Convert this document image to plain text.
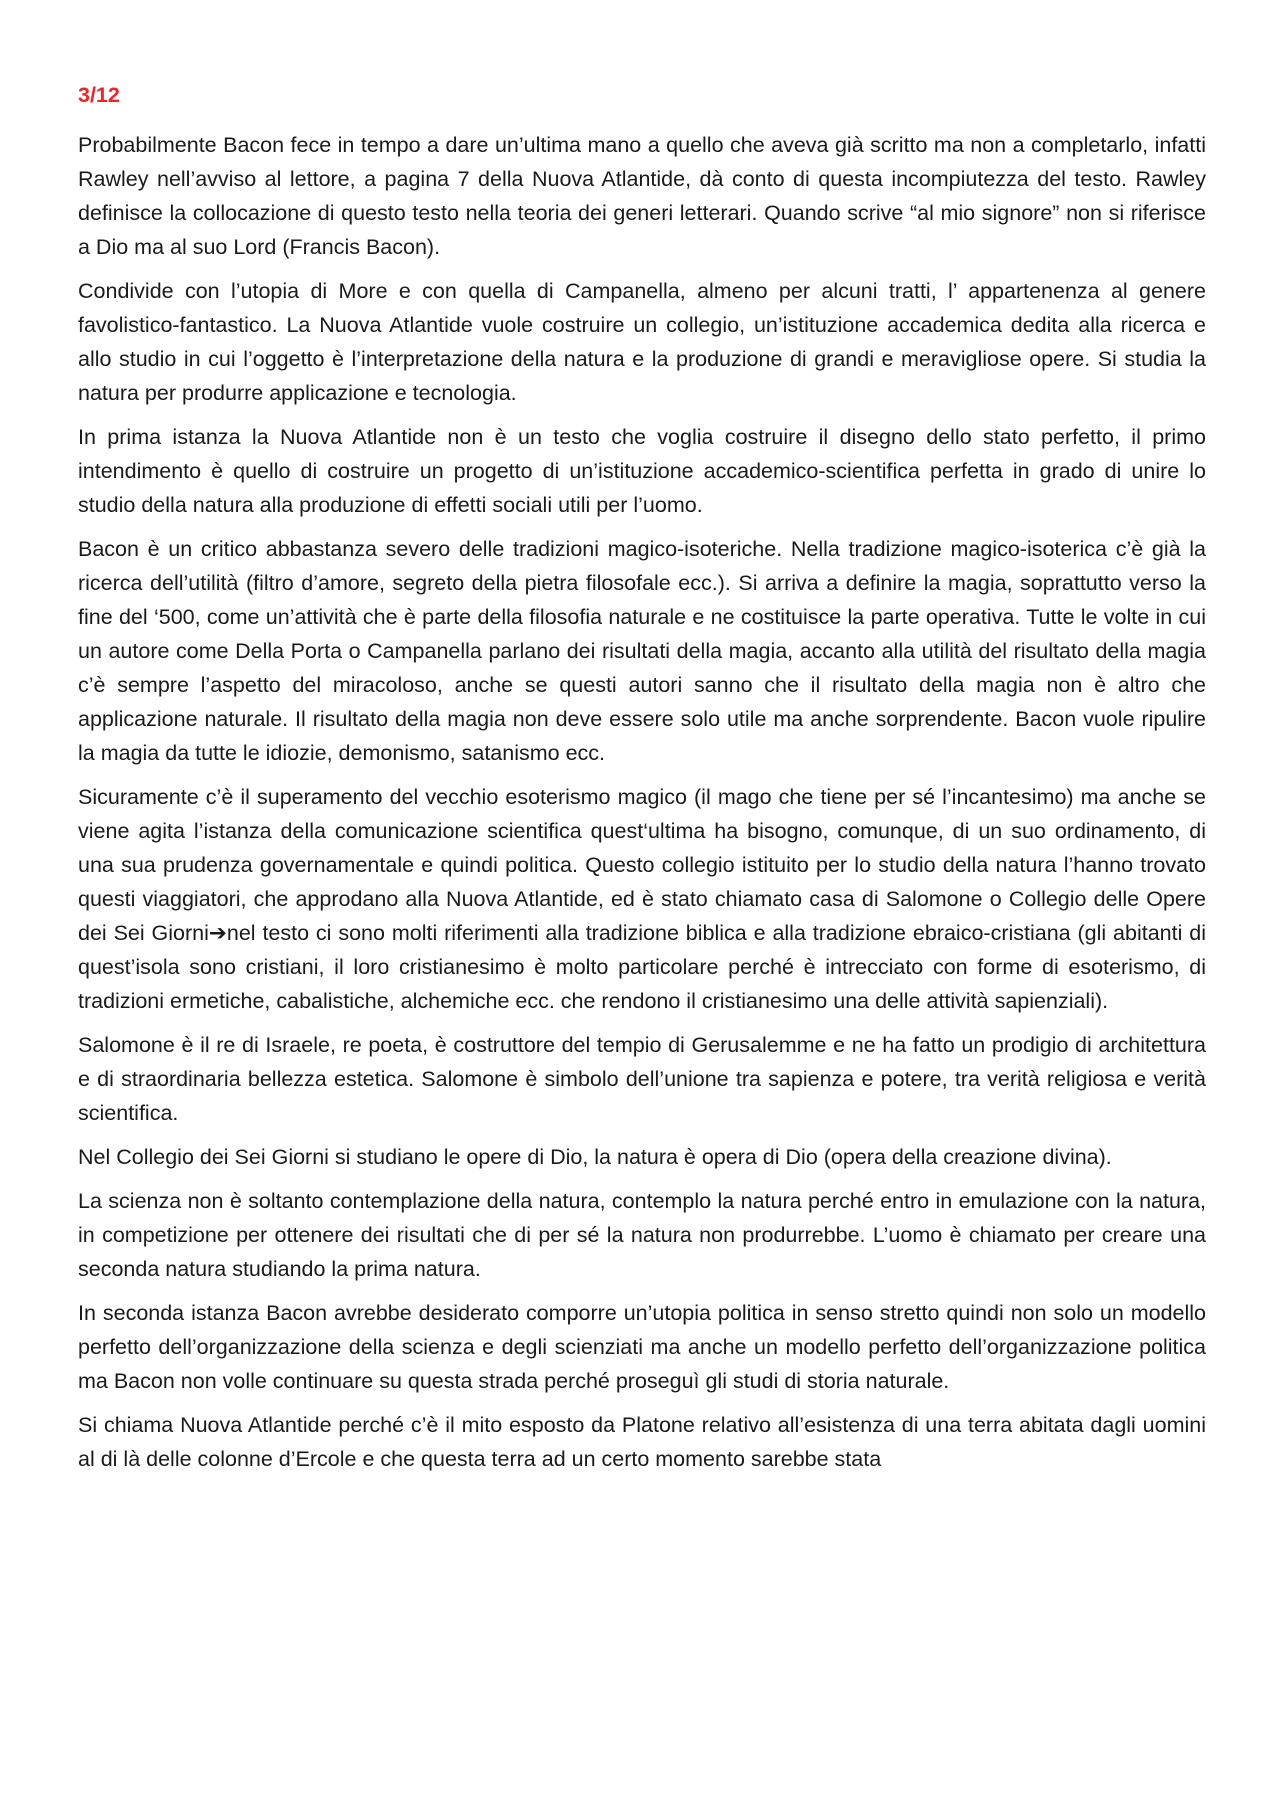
3/12

Probabilmente Bacon fece in tempo a dare un’ultima mano a quello che aveva già scritto ma non a completarlo, infatti Rawley nell’avviso al lettore, a pagina 7 della Nuova Atlantide, dà conto di questa incompiutezza del testo. Rawley definisce la collocazione di questo testo nella teoria dei generi letterari. Quando scrive “al mio signore” non si riferisce a Dio ma al suo Lord (Francis Bacon).

Condivide con l’utopia di More e con quella di Campanella, almeno per alcuni tratti, l’ appartenenza al genere favolistico-fantastico. La Nuova Atlantide vuole costruire un collegio, un’istituzione accademica dedita alla ricerca e allo studio in cui l’oggetto è l’interpretazione della natura e la produzione di grandi e meravigliose opere. Si studia la natura per produrre applicazione e tecnologia.

In prima istanza la Nuova Atlantide non è un testo che voglia costruire il disegno dello stato perfetto, il primo intendimento è quello di costruire un progetto di un’istituzione accademico-scientifica perfetta in grado di unire lo studio della natura alla produzione di effetti sociali utili per l’uomo.

Bacon è un critico abbastanza severo delle tradizioni magico-isoteriche. Nella tradizione magico-isoterica c’è già la ricerca dell’utilità (filtro d’amore, segreto della pietra filosofale ecc.). Si arriva a definire la magia, soprattutto verso la fine del ‘500, come un’attività che è parte della filosofia naturale e ne costituisce la parte operativa. Tutte le volte in cui un autore come Della Porta o Campanella parlano dei risultati della magia, accanto alla utilità del risultato della magia c’è sempre l’aspetto del miracoloso, anche se questi autori sanno che il risultato della magia non è altro che applicazione naturale. Il risultato della magia non deve essere solo utile ma anche sorprendente. Bacon vuole ripulire la magia da tutte le idiozie, demonismo, satanismo ecc.

Sicuramente c’è il superamento del vecchio esoterismo magico (il mago che tiene per sé l’incantesimo) ma anche se viene agita l’istanza della comunicazione scientifica quest‘ultima ha bisogno, comunque, di un suo ordinamento, di una sua prudenza governamentale e quindi politica. Questo collegio istituito per lo studio della natura l’hanno trovato questi viaggiatori, che approdano alla Nuova Atlantide, ed è stato chiamato casa di Salomone o Collegio delle Opere dei Sei Giorni➔nel testo ci sono molti riferimenti alla tradizione biblica e alla tradizione ebraico-cristiana (gli abitanti di quest’isola sono cristiani, il loro cristianesimo è molto particolare perché è intrecciato con forme di esoterismo, di tradizioni ermetiche, cabalistiche, alchemiche ecc. che rendono il cristianesimo una delle attività sapienziali).

Salomone è il re di Israele, re poeta, è costruttore del tempio di Gerusalemme e ne ha fatto un prodigio di architettura e di straordinaria bellezza estetica. Salomone è simbolo dell’unione tra sapienza e potere, tra verità religiosa e verità scientifica.

Nel Collegio dei Sei Giorni si studiano le opere di Dio, la natura è opera di Dio (opera della creazione divina).

La scienza non è soltanto contemplazione della natura, contemplo la natura perché entro in emulazione con la natura, in competizione per ottenere dei risultati che di per sé la natura non produrrebbe. L’uomo è chiamato per creare una seconda natura studiando la prima natura.

In seconda istanza Bacon avrebbe desiderato comporre un’utopia politica in senso stretto quindi non solo un modello perfetto dell’organizzazione della scienza e degli scienziati ma anche un modello perfetto dell’organizzazione politica ma Bacon non volle continuare su questa strada perché proseguì gli studi di storia naturale.

Si chiama Nuova Atlantide perché c’è il mito esposto da Platone relativo all’esistenza di una terra abitata dagli uomini al di là delle colonne d’Ercole e che questa terra ad un certo momento sarebbe stata
